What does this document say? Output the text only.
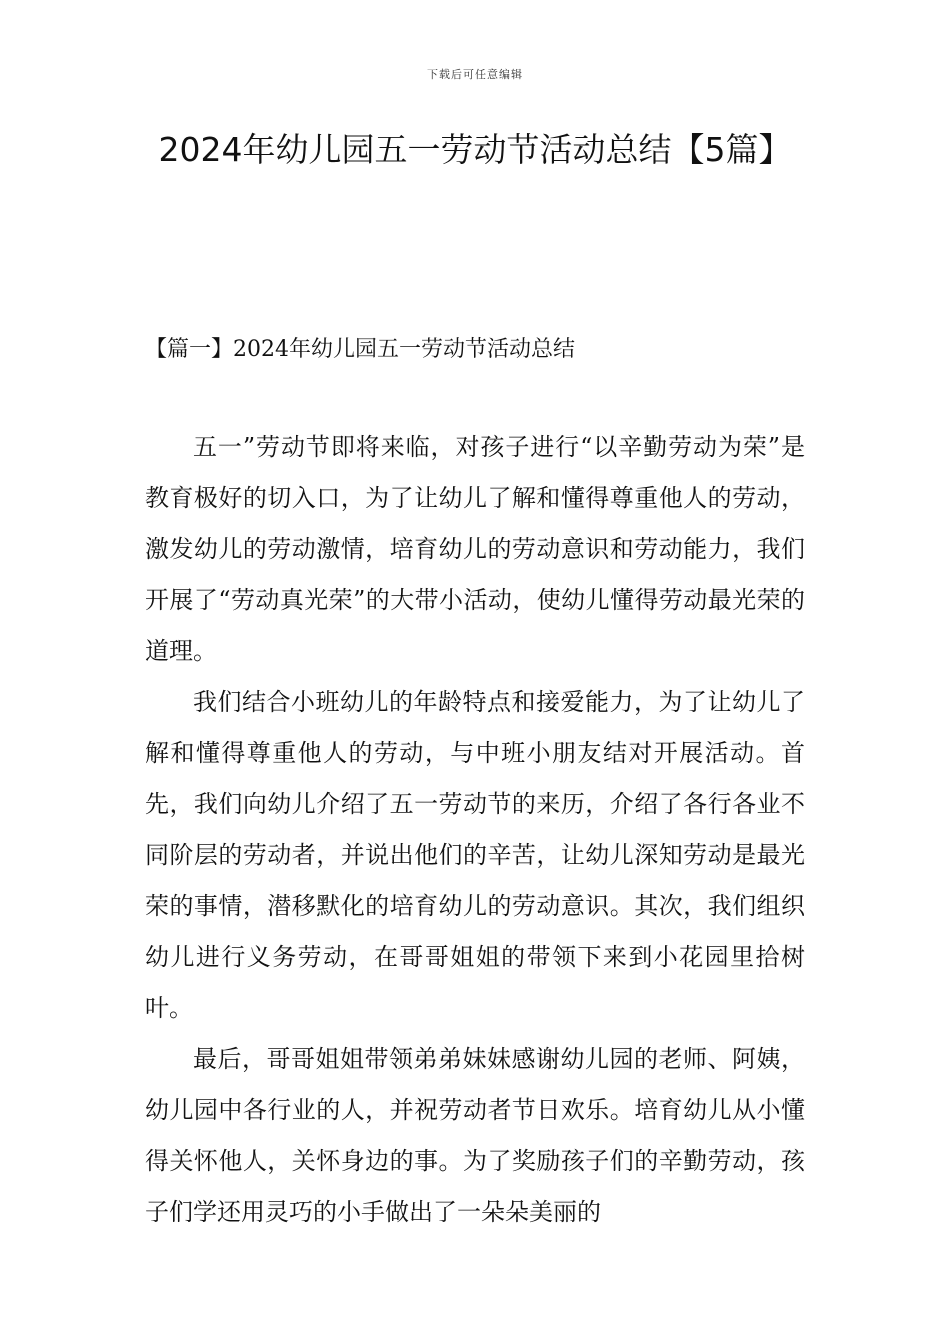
下载后可任意编辑
2024年幼儿园五一劳动节活动总结【5篇】
【篇一】2024年幼儿园五一劳动节活动总结

五一”劳动节即将来临，对孩子进行“以辛勤劳动为荣”是教育极好的切入口，为了让幼儿了解和懂得尊重他人的劳动，激发幼儿的劳动激情，培育幼儿的劳动意识和劳动能力，我们开展了“劳动真光荣”的大带小活动，使幼儿懂得劳动最光荣的道理。

我们结合小班幼儿的年龄特点和接爱能力，为了让幼儿了解和懂得尊重他人的劳动，与中班小朋友结对开展活动。首先，我们向幼儿介绍了五一劳动节的来历，介绍了各行各业不同阶层的劳动者，并说出他们的辛苦，让幼儿深知劳动是最光荣的事情，潜移默化的培育幼儿的劳动意识。其次，我们组织幼儿进行义务劳动，在哥哥姐姐的带领下来到小花园里拾树叶。

最后，哥哥姐姐带领弟弟妹妹感谢幼儿园的老师、阿姨，幼儿园中各行业的人，并祝劳动者节日欢乐。培育幼儿从小懂得关怀他人，关怀身边的事。为了奖励孩子们的辛勤劳动，孩子们学还用灵巧的小手做出了一朵朵美丽的
